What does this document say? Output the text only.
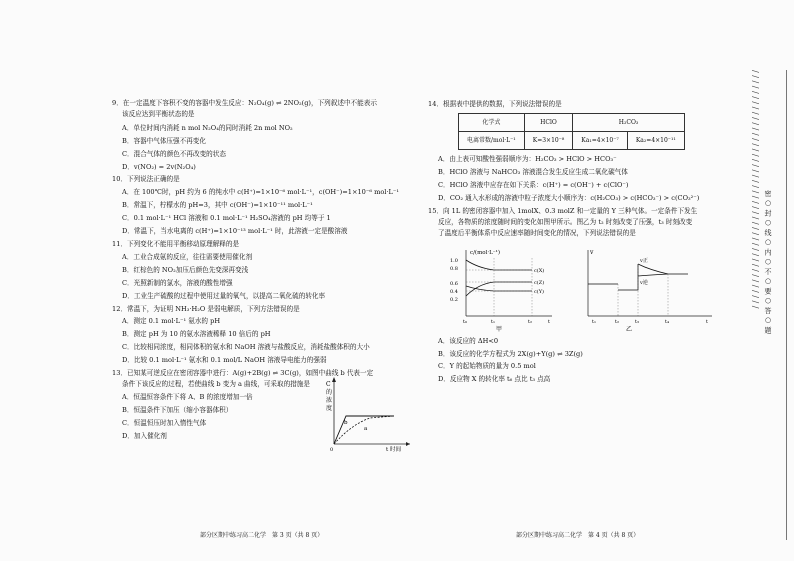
9．在一定温度下容积不变的容器中发生反应：N₂O₄(g) ⇌ 2NO₂(g)，下列叙述中不能表示
该反应达到平衡状态的是
A．单位时间内消耗 n mol N₂O₄的同时消耗 2n mol NO₂
B．容器中气体压强不再变化
C．混合气体的颜色不再改变的状态
D．v(NO₂) = 2v(N₂O₄)
10．下列说法正确的是
A．在 100℃时，pH 约为 6 的纯水中 c(H⁺)=1×10⁻⁶ mol·L⁻¹，c(OH⁻)=1×10⁻⁶ mol·L⁻¹
B．常温下，柠檬水的 pH=3，其中 c(OH⁻)=1×10⁻¹¹ mol·L⁻¹
C．0.1 mol·L⁻¹ HCl 溶液和 0.1 mol·L⁻¹ H₂SO₄溶液的 pH 均等于 1
D．常温下，当水电离的 c(H⁺)=1×10⁻¹³ mol·L⁻¹ 时，此溶液一定是酸溶液
11．下列变化不能用平衡移动原理解释的是
A．工业合成氨的反应，往往需要使用催化剂
B．红棕色的 NO₂加压后颜色先变深再变浅
C．光照新制的氯水，溶液的酸性增强
D．工业生产硫酸的过程中使用过量的氧气，以提高二氧化硫的转化率
12．常温下，为证明 NH₃·H₂O 是弱电解质，下列方法错误的是
A．测定 0.1 mol·L⁻¹ 氨水的 pH
B．测定 pH 为 10 的氨水溶液稀释 10 倍后的 pH
C．比较相同浓度，相同体积的氨水和 NaOH 溶液与盐酸反应，消耗盐酸体积的大小
D．比较 0.1 mol·L⁻¹ 氨水和 0.1 mol/L NaOH 溶液导电能力的强弱
13．已知某可逆反应在密闭容器中进行：A(g)+2B(g) ⇌ 3C(g)，如图中曲线 b 代表一定
条件下该反应的过程，若使曲线 b 变为 a 曲线，可采取的措施是
A．恒温恒容条件下将 A、B 的浓度增加一倍
B．恒温条件下加压（缩小容器体积）
C．恒温恒压时加入惰性气体
D．加入催化剂
C
的
浓
度
0	t 时间
b
a
部分区期中练习高二化学　第 3 页（共 8 页）
14．根据表中提供的数据，下列说法错误的是
化学式	HClO	H₂CO₃	
电离常数/mol·L⁻¹	K=3×10⁻⁸	Ka₁=4×10⁻⁷	Ka₂=4×10⁻¹¹
A．由上表可知酸性强弱顺序为：H₂CO₃ > HClO > HCO₃⁻
B．HClO 溶液与 NaHCO₃ 溶液混合发生反应生成二氧化碳气体
C．HClO 溶液中应存在如下关系：c(H⁺) = c(OH⁻) + c(ClO⁻)
D．CO₂ 通入水形成的溶液中粒子浓度大小顺序为：c(H₂CO₃) > c(HCO₃⁻) > c(CO₃²⁻)
15．向 1L 的密闭容器中加入 1molX、0.3 molZ 和一定量的 Y 三种气体。一定条件下发生
反应，各物质的浓度随时间的变化如图甲所示。图乙为 t₂ 时刻改变了压强，t₃ 时刻改变
了温度后平衡体系中反应速率随时间变化的情况，下列说法错误的是
c/(mol·L⁻¹)
1.0
0.8
0.6
0.4
0.2
c(X)
c(Z)
c(Y)
t₀	t₁	t₂	t
甲
v
v正
v逆
t₁	t₂	t₃	t₄	t
乙
A．该反应的 ΔH<0
B．该反应的化学方程式为 2X(g)+Y(g) ⇌ 3Z(g)
C．Y 的起始物质的量为 0.5 mol
D．反应物 X 的转化率 t₆ 点比 t₃ 点高
部分区期中练习高二化学　第 4 页（共 8 页）
/ / / / / / / / / / / / / / / / / / / / / / / / / / / / / / / / / / / / / / / / / / / / / / 密 ○ 封 ○ 线 ○ 内 ○ 不 ○ 要 ○ 答 ○ 题
